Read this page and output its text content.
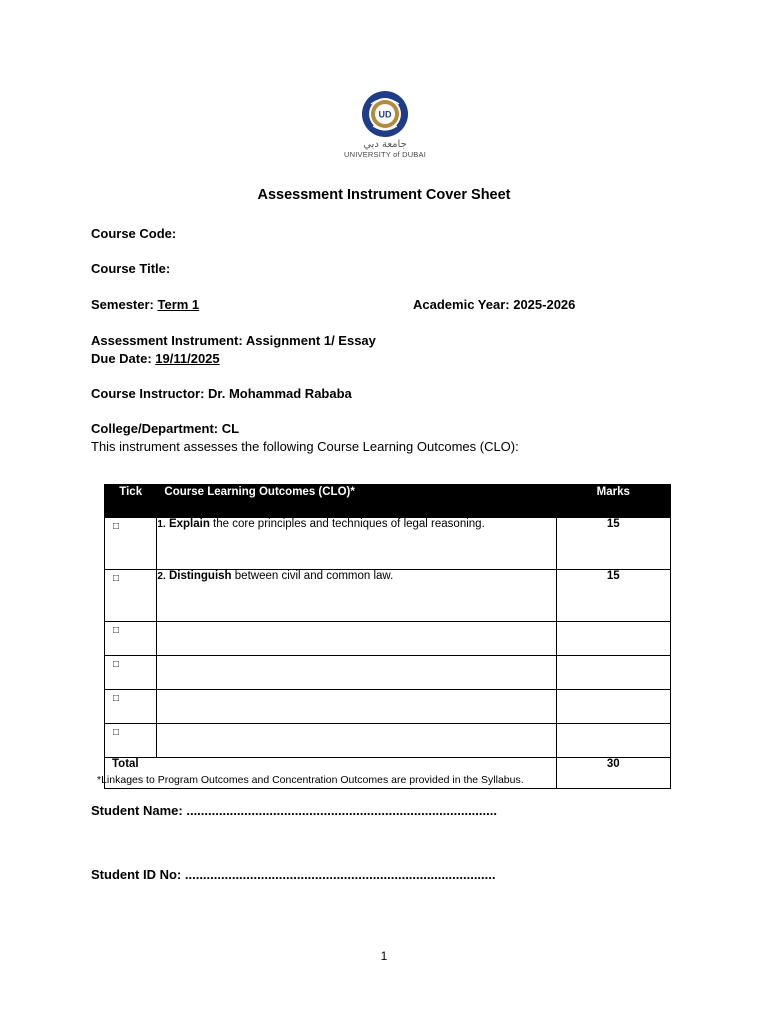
UD
جامعة دبي
UNIVERSITY of DUBAI
Assessment Instrument Cover Sheet
Course Code:
Course Title:
Semester: Term 1	Academic Year: 2025-2026
Assessment Instrument: Assignment 1/ Essay
Due Date: 19/11/2025
Course Instructor: Dr. Mohammad Rababa
College/Department: CL
This instrument assesses the following Course Learning Outcomes (CLO):
Tick	Course Learning Outcomes (CLO)*	Marks
□	1. Explain the core principles and techniques of legal reasoning.	15
□	2. Distinguish between civil and common law.	15
□		
□		
□		
□		
Total		30
*Linkages to Program Outcomes and Concentration Outcomes are provided in the Syllabus.
Student Name: ......................................................................................
Student ID No: ......................................................................................
1
